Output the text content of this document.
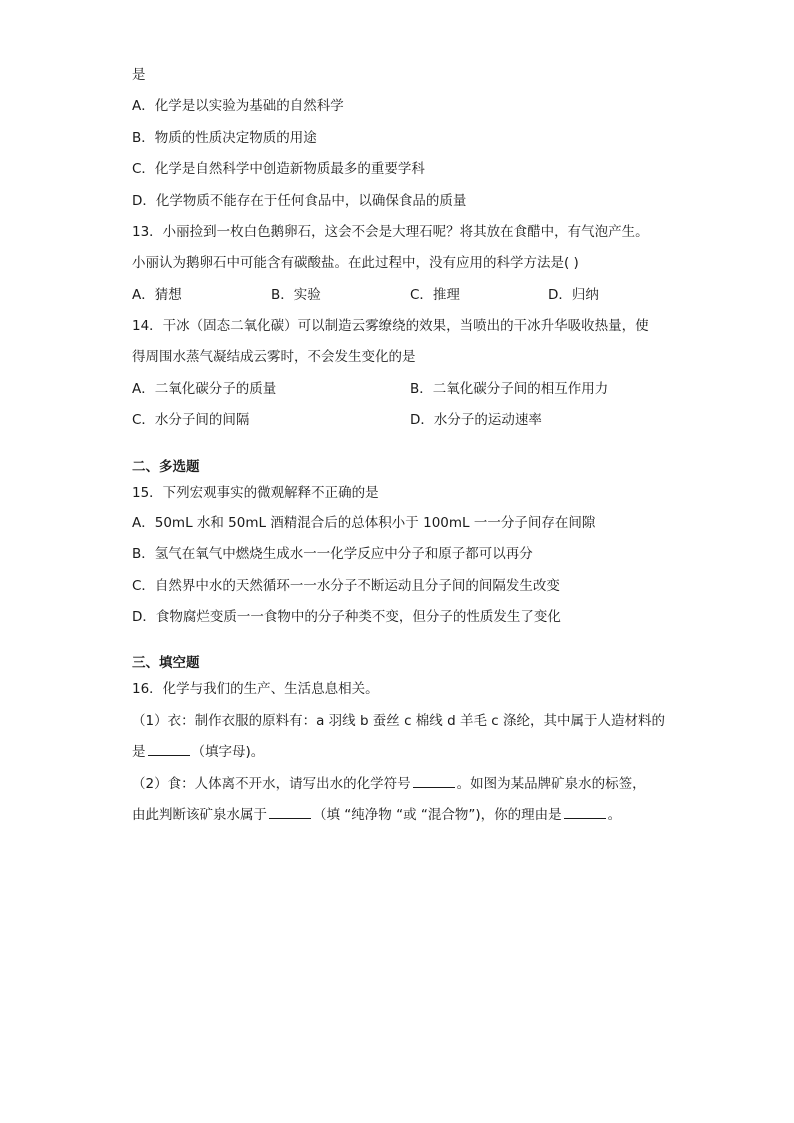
是
A．化学是以实验为基础的自然科学
B．物质的性质决定物质的用途
C．化学是自然科学中创造新物质最多的重要学科
D．化学物质不能存在于任何食品中，以确保食品的质量
13．小丽捡到一枚白色鹅卵石，这会不会是大理石呢？将其放在食醋中，有气泡产生。
小丽认为鹅卵石中可能含有碳酸盐。在此过程中，没有应用的科学方法是( )
A．猜想	B．实验	C．推理	D．归纳
14．干冰（固态二氧化碳）可以制造云雾缭绕的效果，当喷出的干冰升华吸收热量，使
得周围水蒸气凝结成云雾时，不会发生变化的是
A．二氧化碳分子的质量	B．二氧化碳分子间的相互作用力
C．水分子间的间隔	D．水分子的运动速率
二、多选题
15．下列宏观事实的微观解释不正确的是
A．50mL 水和 50mL 酒精混合后的总体积小于 100mL 一一分子间存在间隙
B．氢气在氧气中燃烧生成水一一化学反应中分子和原子都可以再分
C．自然界中水的天然循环一一水分子不断运动且分子间的间隔发生改变
D．食物腐烂变质一一食物中的分子种类不变，但分子的性质发生了变化
三、填空题
16．化学与我们的生产、生活息息相关。
（1）衣：制作衣服的原料有：a 羽线 b 蚕丝 c 棉线 d 羊毛 c 涤纶，其中属于人造材料的
是	（填字母)。
（2）食：人体离不开水，请写出水的化学符号	。如图为某品牌矿泉水的标签，
由此判断该矿泉水属于	（填 “纯净物 “或 “混合物”)，你的理由是	。
